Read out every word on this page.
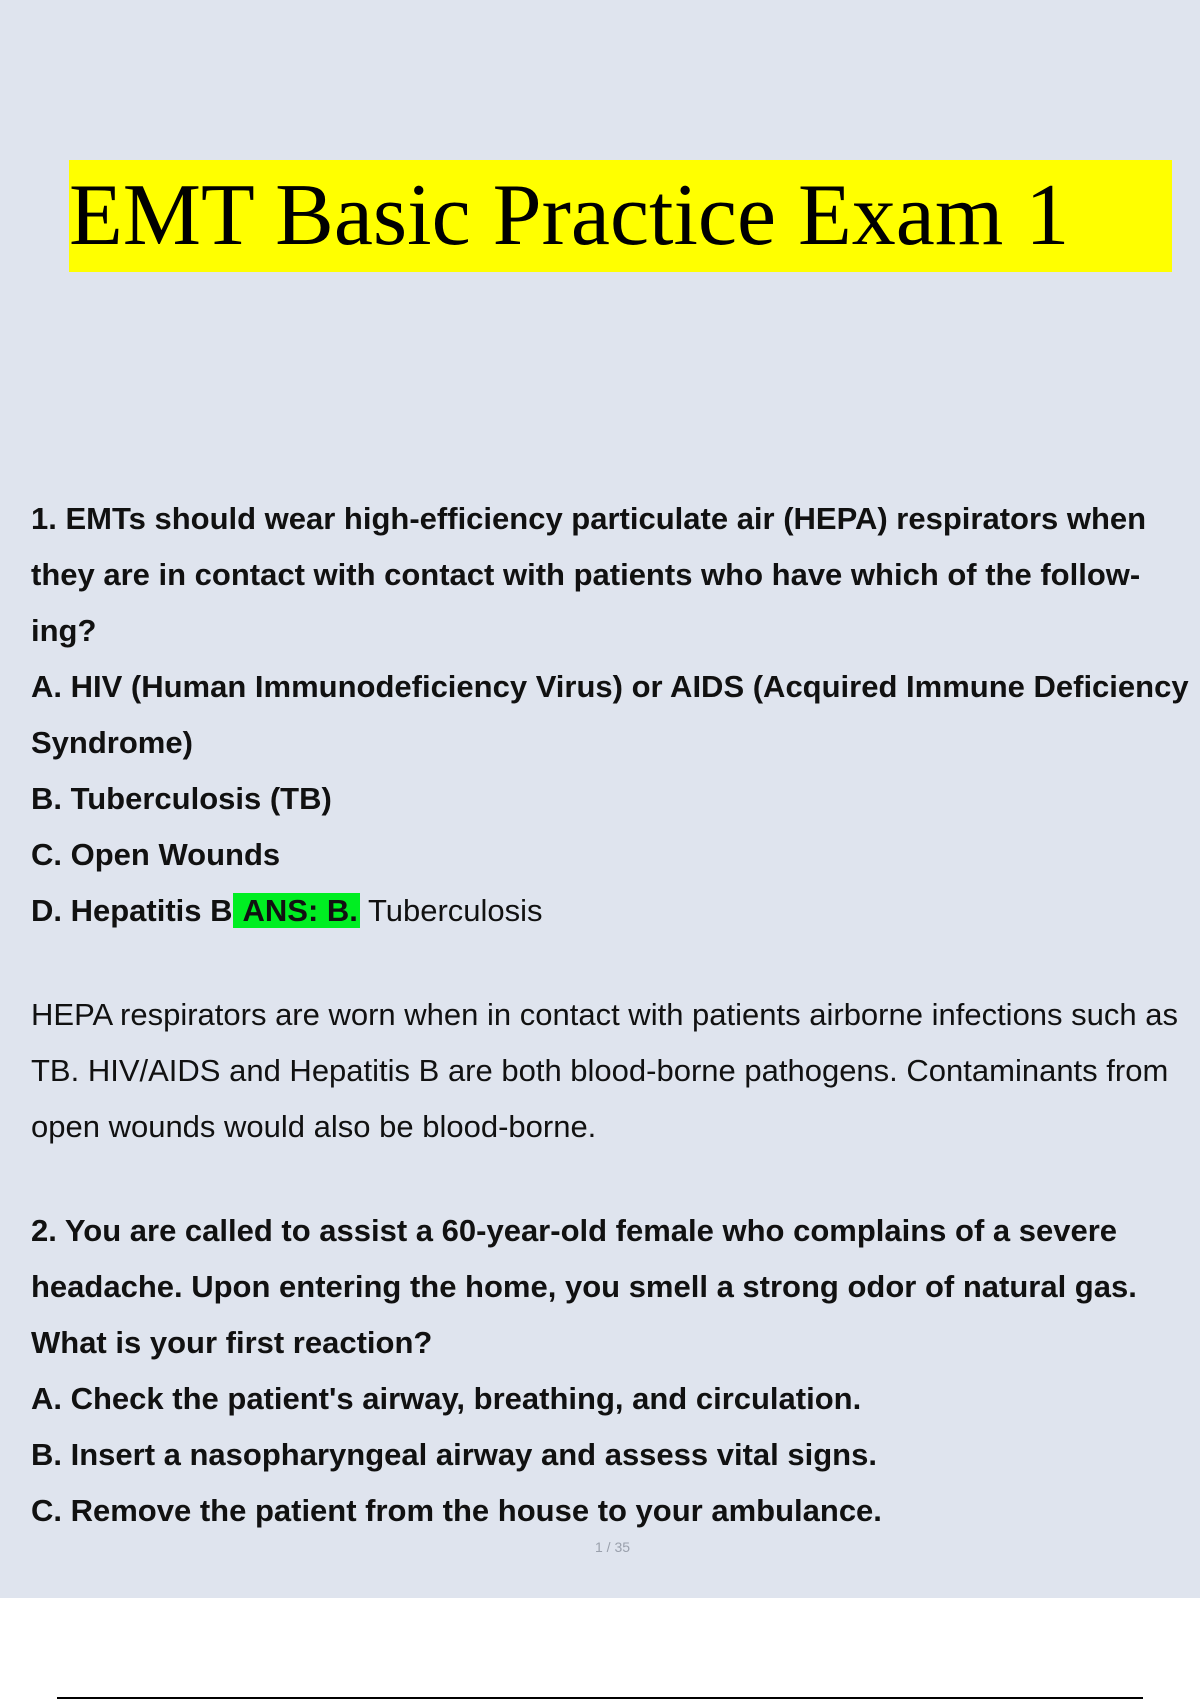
EMT Basic Practice Exam 1
1. EMTs should wear high-efficiency particulate air (HEPA) respirators when
they are in contact with contact with patients who have which of the follow-
ing?
A. HIV (Human Immunodeficiency Virus) or AIDS (Acquired Immune Deficiency
Syndrome)
B. Tuberculosis (TB)
C. Open Wounds
D. Hepatitis B ANS: B. Tuberculosis
HEPA respirators are worn when in contact with patients airborne infections such as
TB. HIV/AIDS and Hepatitis B are both blood-borne pathogens. Contaminants from
open wounds would also be blood-borne.
2. You are called to assist a 60-year-old female who complains of a severe
headache. Upon entering the home, you smell a strong odor of natural gas.
What is your first reaction?
A. Check the patient's airway, breathing, and circulation.
B. Insert a nasopharyngeal airway and assess vital signs.
C. Remove the patient from the house to your ambulance.
1 / 35
